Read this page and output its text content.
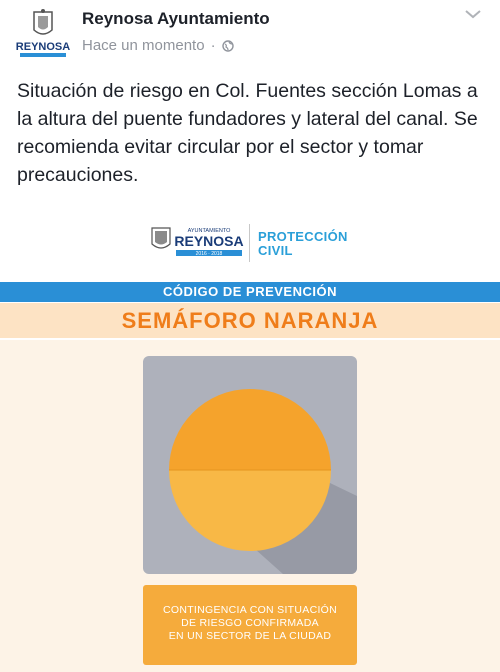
REYNOSA
Reynosa Ayuntamiento
Hace un momento ·
Situación de riesgo en Col. Fuentes sección Lomas a la altura del puente fundadores y lateral del canal. Se recomienda evitar circular por el sector y tomar precauciones.
AYUNTAMIENTO
REYNOSA
2016 · 2018
PROTECCIÓN
CIVIL
CÓDIGO DE PREVENCIÓN
SEMÁFORO NARANJA
CONTINGENCIA CON SITUACIÓN
DE RIESGO CONFIRMADA
EN UN SECTOR DE LA CIUDAD
